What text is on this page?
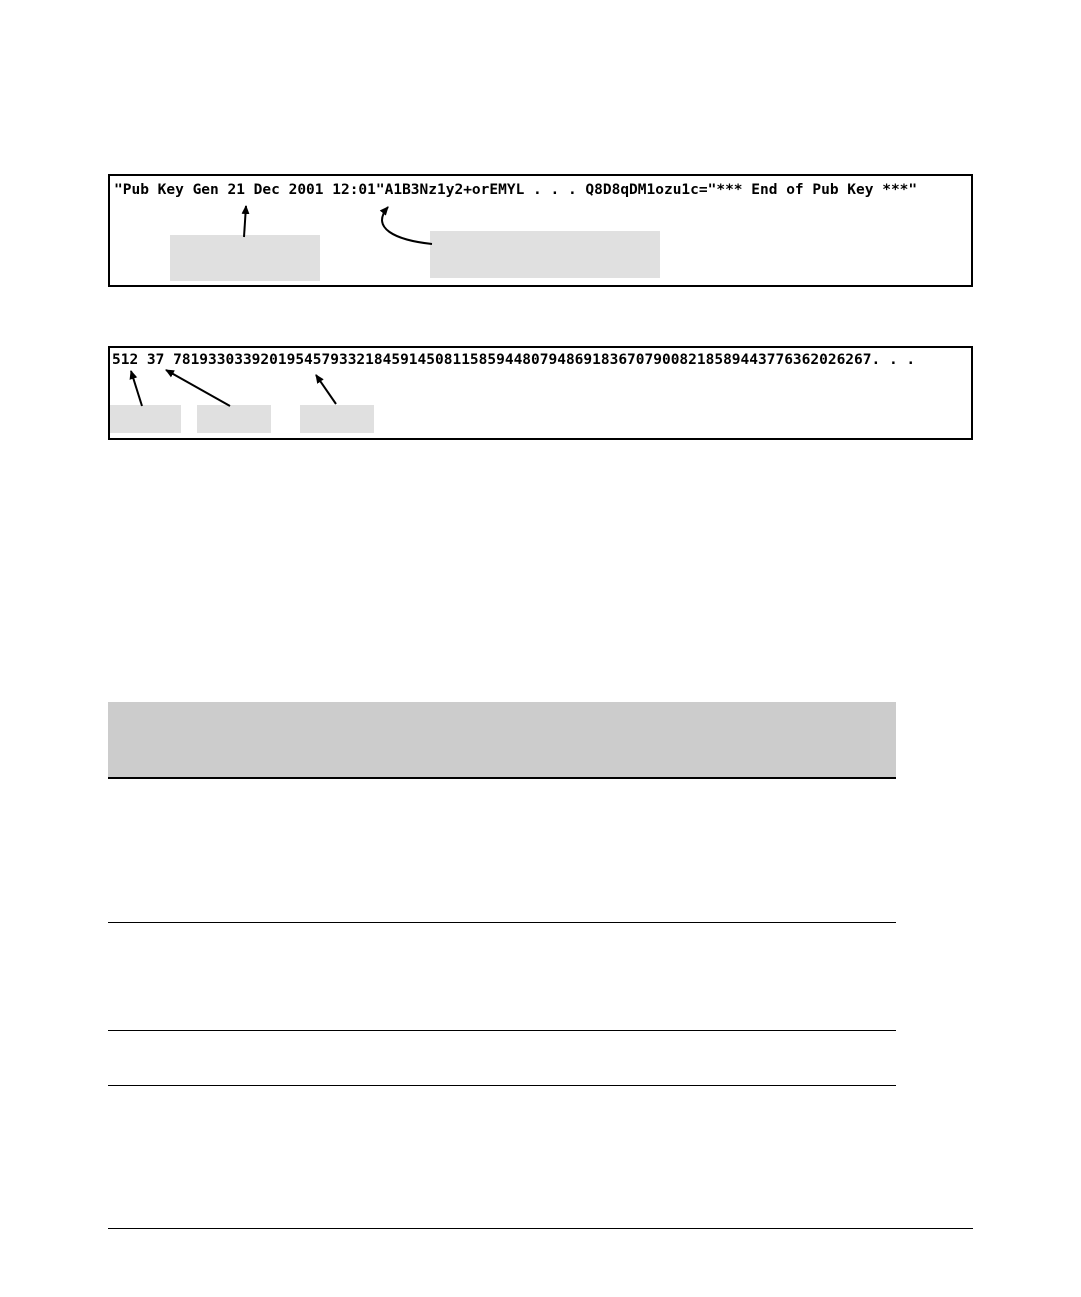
"Pub Key Gen 21 Dec 2001 12:01"A1B3Nz1y2+orEMYL . . . Q8D8qDM1ozu1c="*** End of Pub Key ***"
512 37 78193303392019545793321845914508115859448079486918367079008218589443776362026267. . .
